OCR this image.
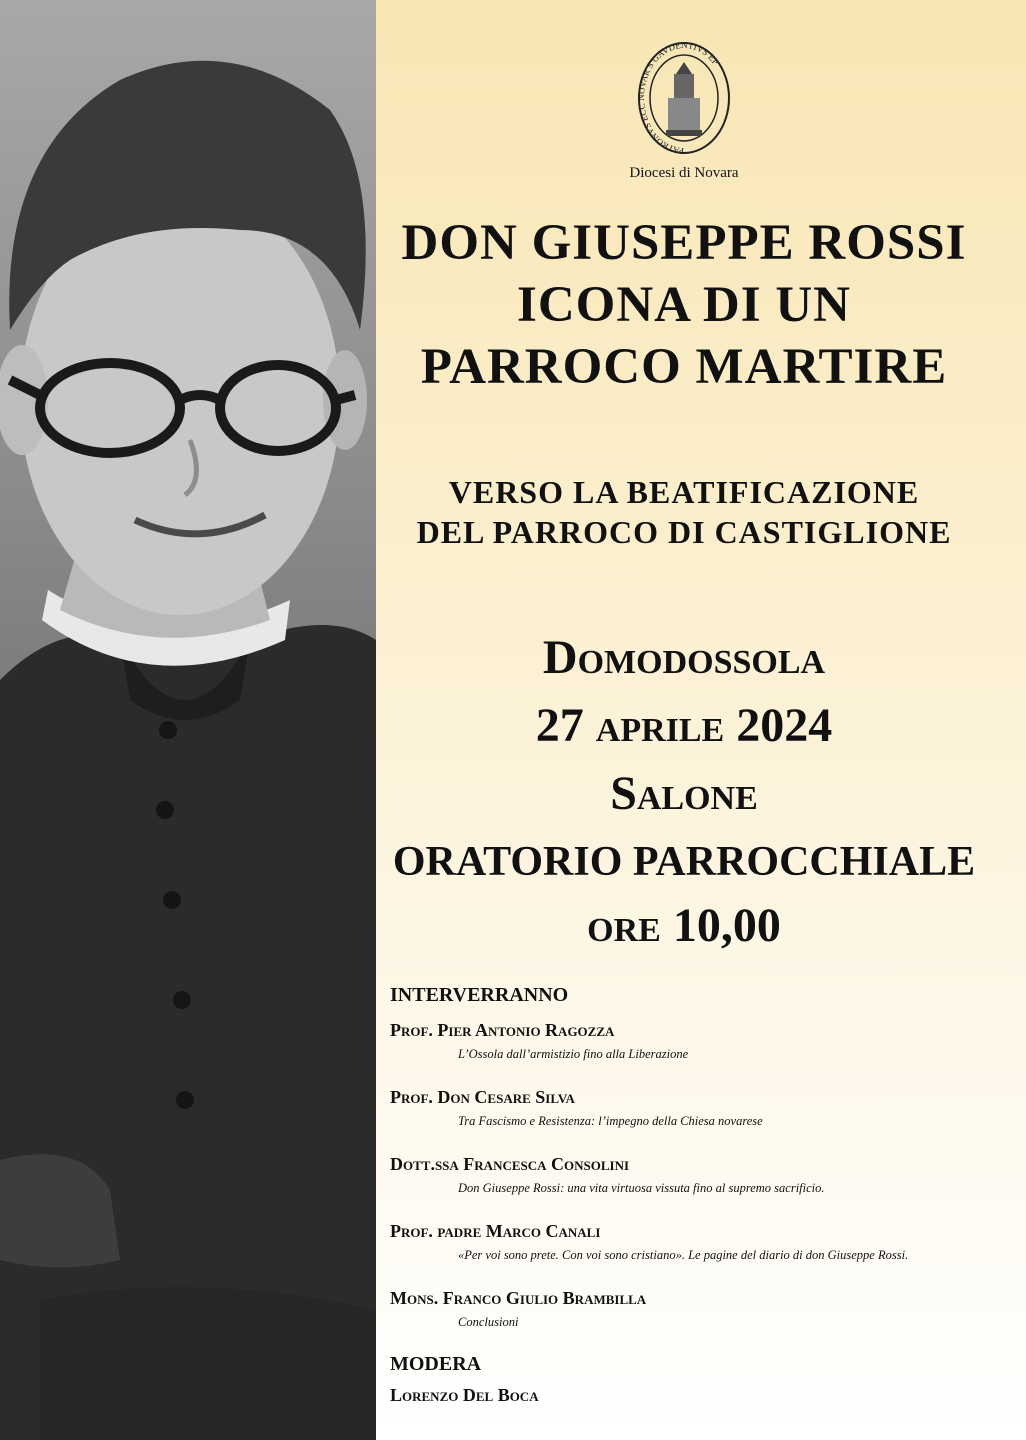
PATRONVS ECC NOVAR S GAVDENTIVS EP
Diocesi di Novara
DON GIUSEPPE ROSSI
ICONA DI UN
PARROCO MARTIRE
VERSO LA BEATIFICAZIONE
DEL PARROCO DI CASTIGLIONE
Domodossola
27 aprile 2024
Salone
ORATORIO PARROCCHIALE
ore 10,00
INTERVERRANNO
Prof. Pier Antonio Ragozza
L’Ossola dall’armistizio fino alla Liberazione
Prof. Don Cesare Silva
Tra Fascismo e Resistenza: l’impegno della Chiesa novarese
Dott.ssa Francesca Consolini
Don Giuseppe Rossi: una vita virtuosa vissuta fino al supremo sacrificio.
Prof. padre Marco Canali
«Per voi sono prete. Con voi sono cristiano». Le pagine del diario di don Giuseppe Rossi.
Mons. Franco Giulio Brambilla
Conclusioni
MODERA
Lorenzo Del Boca
